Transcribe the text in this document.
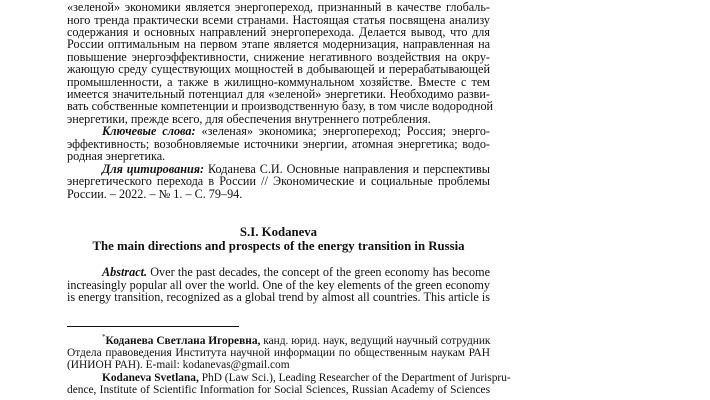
«зеленой» экономики является энергопереход, признанный в качестве глобаль-
ного тренда практически всеми странами. Настоящая статья посвящена анализу
содержания и основных направлений энергоперехода. Делается вывод, что для
России оптимальным на первом этапе является модернизация, направленная на
повышение энергоэффективности, снижение негативного воздействия на окру-
жающую среду существующих мощностей в добывающей и перерабатывающей
промышленности, а также в жилищно-коммунальном хозяйстве. Вместе с тем
имеется значительный потенциал для «зеленой» энергетики. Необходимо разви-
вать собственные компетенции и производственную базу, в том числе водородной
энергетики, прежде всего, для обеспечения внутреннего потребления.
Ключевые слова: «зеленая» экономика; энергопереход; Россия; энерго-
эффективность; возобновляемые источники энергии, атомная энергетика; водо-
родная энергетика.
Для цитирования: Коданева С.И. Основные направления и перспективы
энергетического перехода в России // Экономические и социальные проблемы
России. – 2022. – № 1. – С. 79–94.
S.I. Kodaneva
The main directions and prospects of the energy transition in Russia
Abstract. Over the past decades, the concept of the green economy has become
increasingly popular all over the world. One of the key elements of the green economy
is energy transition, recognized as a global trend by almost all countries. This article is
*Коданева Светлана Игоревна, канд. юрид. наук, ведущий научный сотрудник
Отдела правоведения Института научной информации по общественным наукам РАН
(ИНИОН РАН). E-mail: kodanevas@gmail.com
Kodaneva Svetlana, PhD (Law Sci.), Leading Researcher of the Department of Jurispru-
dence, Institute of Scientific Information for Social Sciences, Russian Academy of Sciences
